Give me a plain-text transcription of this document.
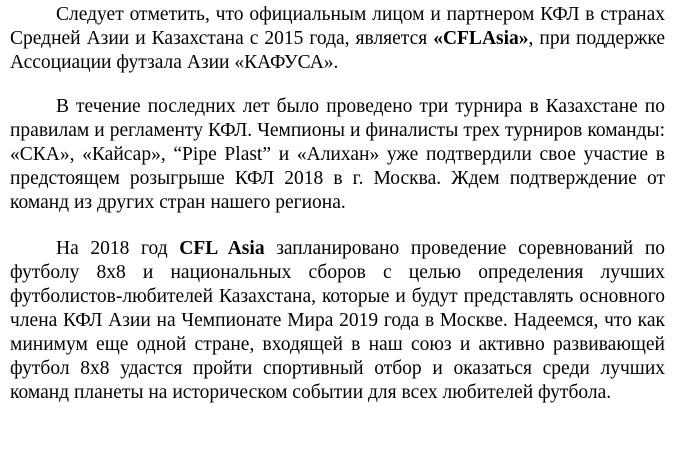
Следует отметить, что официальным лицом и партнером КФЛ в странах Средней Азии и Казахстана с 2015 года, является «CFLAsia», при поддержке Ассоциации футзала Азии «КАФУСА».

В течение последних лет было проведено три турнира в Казахстане по правилам и регламенту КФЛ. Чемпионы и финалисты трех турниров команды: «СКА», «Кайсар», “Pipe Plast” и «Алихан» уже подтвердили свое участие в предстоящем розыгрыше КФЛ 2018 в г. Москва. Ждем подтверждение от команд из других стран нашего региона.

На 2018 год CFL Asia запланировано проведение соревнований по футболу 8х8 и национальных сборов с целью определения лучших футболистов-любителей Казахстана, которые и будут представлять основного члена КФЛ Азии на Чемпионате Мира 2019 года в Москве. Надеемся, что как минимум еще одной стране, входящей в наш союз и активно развивающей футбол 8х8 удастся пройти спортивный отбор и оказаться среди лучших команд планеты на историческом событии для всех любителей футбола.
